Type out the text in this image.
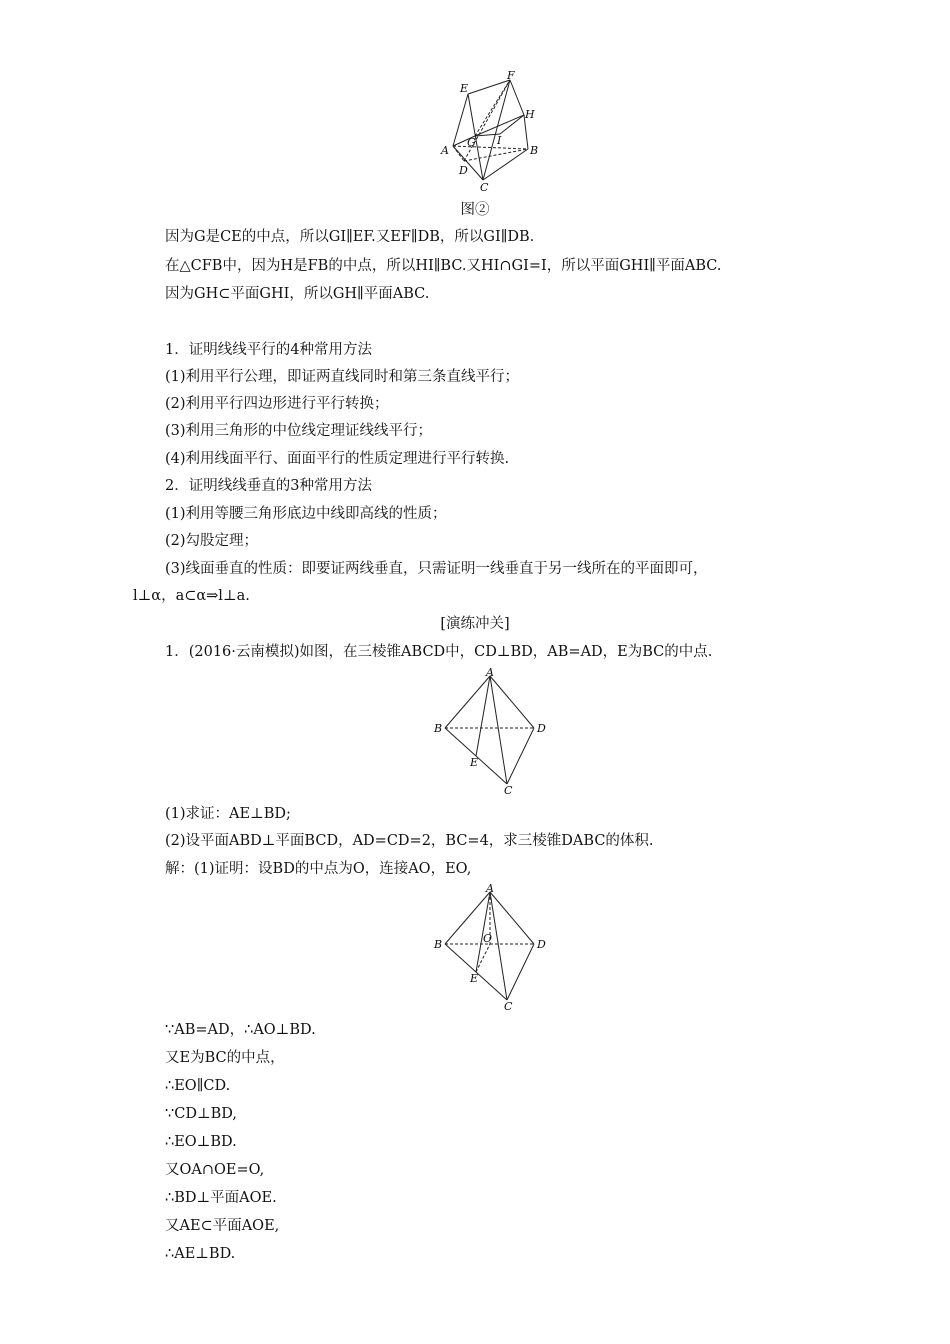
E
F
H
G I
A	B
D
C
图②
因为G是CE的中点，所以GI∥EF.又EF∥DB，所以GI∥DB.
在△CFB中，因为H是FB的中点，所以HI∥BC.又HI∩GI=I，所以平面GHI∥平面ABC.
因为GH⊂平面GHI，所以GH∥平面ABC.
1．证明线线平行的4种常用方法
(1)利用平行公理，即证两直线同时和第三条直线平行；
(2)利用平行四边形进行平行转换；
(3)利用三角形的中位线定理证线线平行；
(4)利用线面平行、面面平行的性质定理进行平行转换.
2．证明线线垂直的3种常用方法
(1)利用等腰三角形底边中线即高线的性质；
(2)勾股定理；
(3)线面垂直的性质：即要证两线垂直，只需证明一线垂直于另一线所在的平面即可，
l⊥α，a⊂α⇒l⊥a.
[演练冲关]
1．(2016·云南模拟)如图，在三棱锥ABCD中，CD⊥BD，AB=AD，E为BC的中点.
A
B	D
E
C
(1)求证：AE⊥BD;
(2)设平面ABD⊥平面BCD，AD=CD=2，BC=4，求三棱锥DABC的体积.
解：(1)证明：设BD的中点为O，连接AO，EO,
A
B	D
O
E
C
∵AB=AD，∴AO⊥BD.
又E为BC的中点，
∴EO∥CD.
∵CD⊥BD,
∴EO⊥BD.
又OA∩OE=O,
∴BD⊥平面AOE.
又AE⊂平面AOE,
∴AE⊥BD.
